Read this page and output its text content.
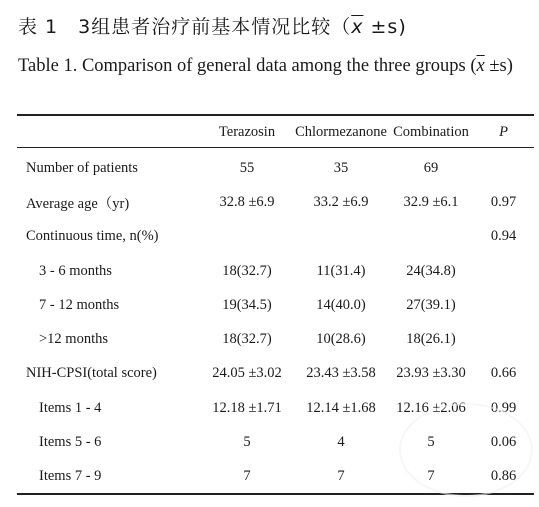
表 1　3组患者治疗前基本情况比较$(\overline{x} \pm s)$
Table 1. Comparison of general data among the three groups $(\overline{x} \pm s)$
	Terazosin	Chlormezanone	Combination	P
Number of patients	55	35	69	
Average age（yr)	32.8 ±6.9	33.2 ±6.9	32.9 ±6.1	0.97
Continuous time, n(%)				0.94
3 - 6 months	18(32.7)	11(31.4)	24(34.8)	
7 - 12 months	19(34.5)	14(40.0)	27(39.1)	
>12 months	18(32.7)	10(28.6)	18(26.1)	
NIH-CPSI(total score)	24.05 ±3.02	23.43 ±3.58	23.93 ±3.30	0.66
Items 1 - 4	12.18 ±1.71	12.14 ±1.68	12.16 ±2.06	0.99
Items 5 - 6	5	4	5	0.06
Items 7 - 9	7	7	7	0.86
